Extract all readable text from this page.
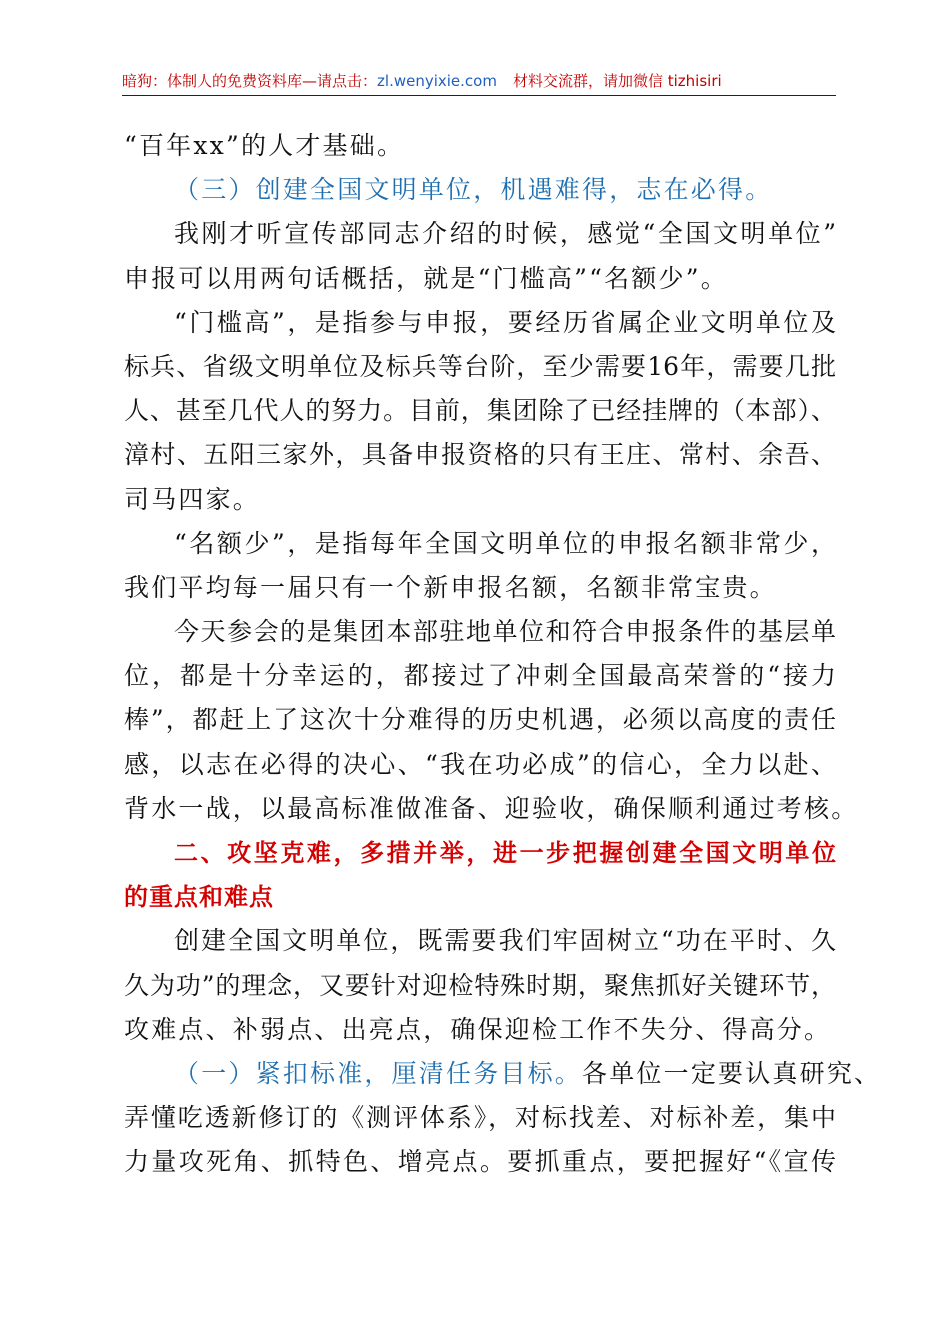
暗狗：体制人的免费资料库—请点击：zl.wenyixie.com 材料交流群，请加微信 tizhisiri
“百年xx”的人才基础。
（三）创建全国文明单位，机遇难得，志在必得。
我刚才听宣传部同志介绍的时候，感觉“全国文明单位”
申报可以用两句话概括，就是“门槛高”“名额少”。
“门槛高”，是指参与申报，要经历省属企业文明单位及
标兵、省级文明单位及标兵等台阶，至少需要16年，需要几批
人、甚至几代人的努力。目前，集团除了已经挂牌的（本部）、
漳村、五阳三家外，具备申报资格的只有王庄、常村、余吾、
司马四家。
“名额少”，是指每年全国文明单位的申报名额非常少，
我们平均每一届只有一个新申报名额，名额非常宝贵。
今天参会的是集团本部驻地单位和符合申报条件的基层单
位，都是十分幸运的，都接过了冲刺全国最高荣誉的“接力
棒”，都赶上了这次十分难得的历史机遇，必须以高度的责任
感，以志在必得的决心、“我在功必成”的信心，全力以赴、
背水一战，以最高标准做准备、迎验收，确保顺利通过考核。
二、攻坚克难，多措并举，进一步把握创建全国文明单位
的重点和难点
创建全国文明单位，既需要我们牢固树立“功在平时、久
久为功”的理念，又要针对迎检特殊时期，聚焦抓好关键环节，
攻难点、补弱点、出亮点，确保迎检工作不失分、得高分。
（一）紧扣标准，厘清任务目标。各单位一定要认真研究、
弄懂吃透新修订的《测评体系》，对标找差、对标补差，集中
力量攻死角、抓特色、增亮点。要抓重点，要把握好“《宣传
